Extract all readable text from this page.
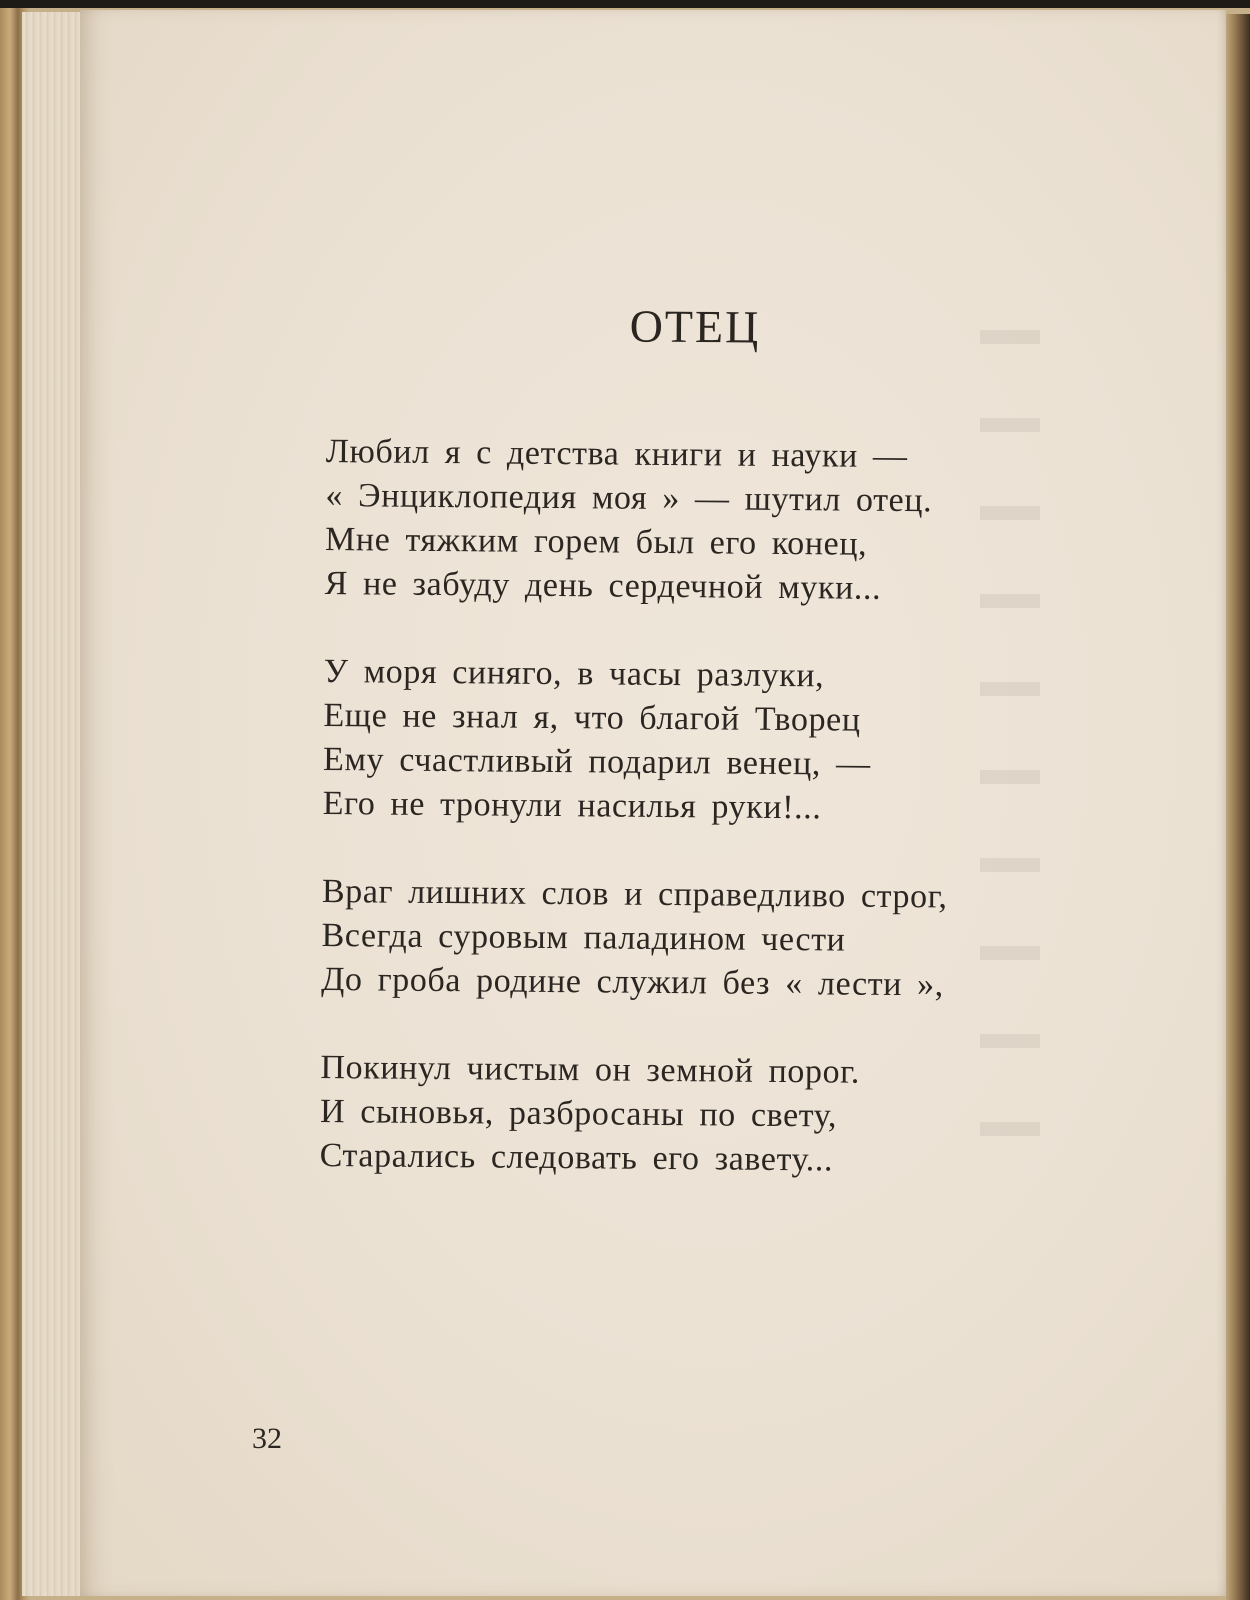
ОТЕЦ
Любил я с детства книги и науки —
« Энциклопедия моя » — шутил отец.
Мне тяжким горем был его конец,
Я не забуду день сердечной муки...
У моря синяго, в часы разлуки,
Еще не знал я, что благой Творец
Ему счастливый подарил венец, —
Его не тронули насилья руки!...
Враг лишних слов и справедливо строг,
Всегда суровым паладином чести
До гроба родине служил без « лести »,
Покинул чистым он земной порог.
И сыновья, разбросаны по свету,
Старались следовать его завету...
32
